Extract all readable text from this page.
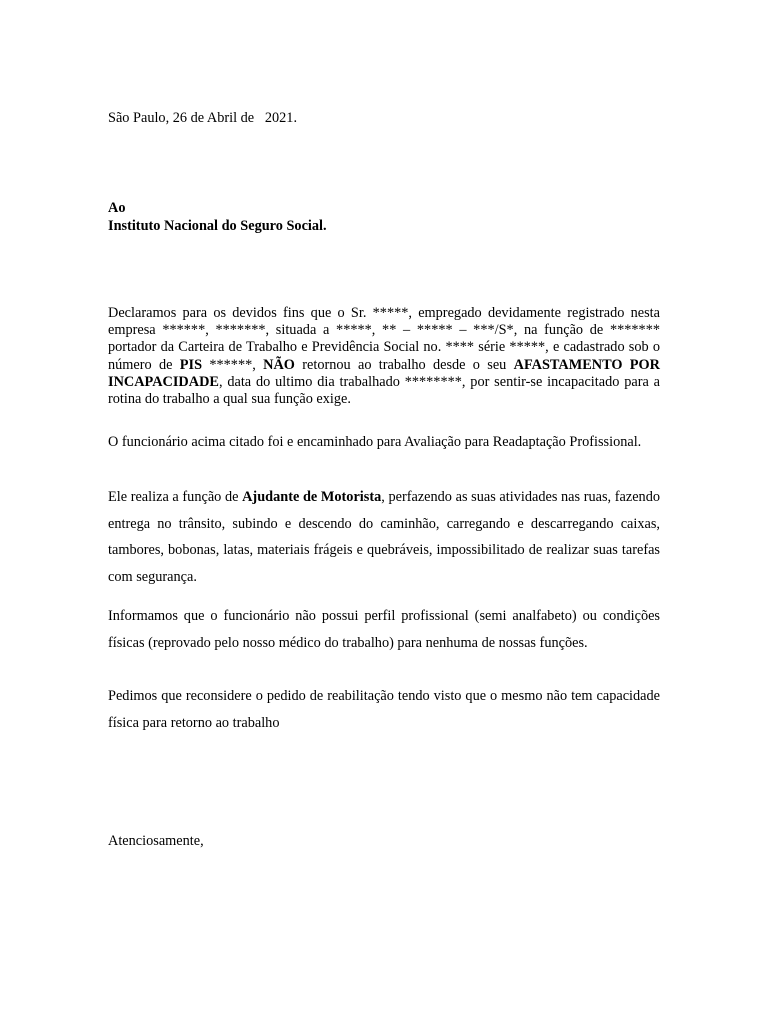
São Paulo, 26 de Abril de   2021.
Ao
Instituto Nacional do Seguro Social.
Declaramos para os devidos fins que o Sr. *****, empregado devidamente registrado nesta empresa ******, *******, situada a *****, ** – ***** – ***/S*, na função de ******* portador da Carteira de Trabalho e Previdência Social no. **** série *****, e cadastrado sob o número de PIS ******, NÃO retornou ao trabalho desde o seu AFASTAMENTO POR INCAPACIDADE, data do ultimo dia trabalhado ********, por sentir-se incapacitado para a rotina do trabalho a qual sua função exige.
O funcionário acima citado foi e encaminhado para Avaliação para Readaptação Profissional.
Ele realiza a função de Ajudante de Motorista, perfazendo as suas atividades nas ruas, fazendo entrega no trânsito, subindo e descendo do caminhão, carregando e descarregando caixas, tambores, bobonas, latas, materiais frágeis e quebráveis, impossibilitado de realizar suas tarefas com segurança.
Informamos que o funcionário não possui perfil profissional (semi analfabeto) ou condições físicas (reprovado pelo nosso médico do trabalho) para nenhuma de nossas funções.
Pedimos que reconsidere o pedido de reabilitação tendo visto que o mesmo não tem capacidade física para retorno ao trabalho
Atenciosamente,
